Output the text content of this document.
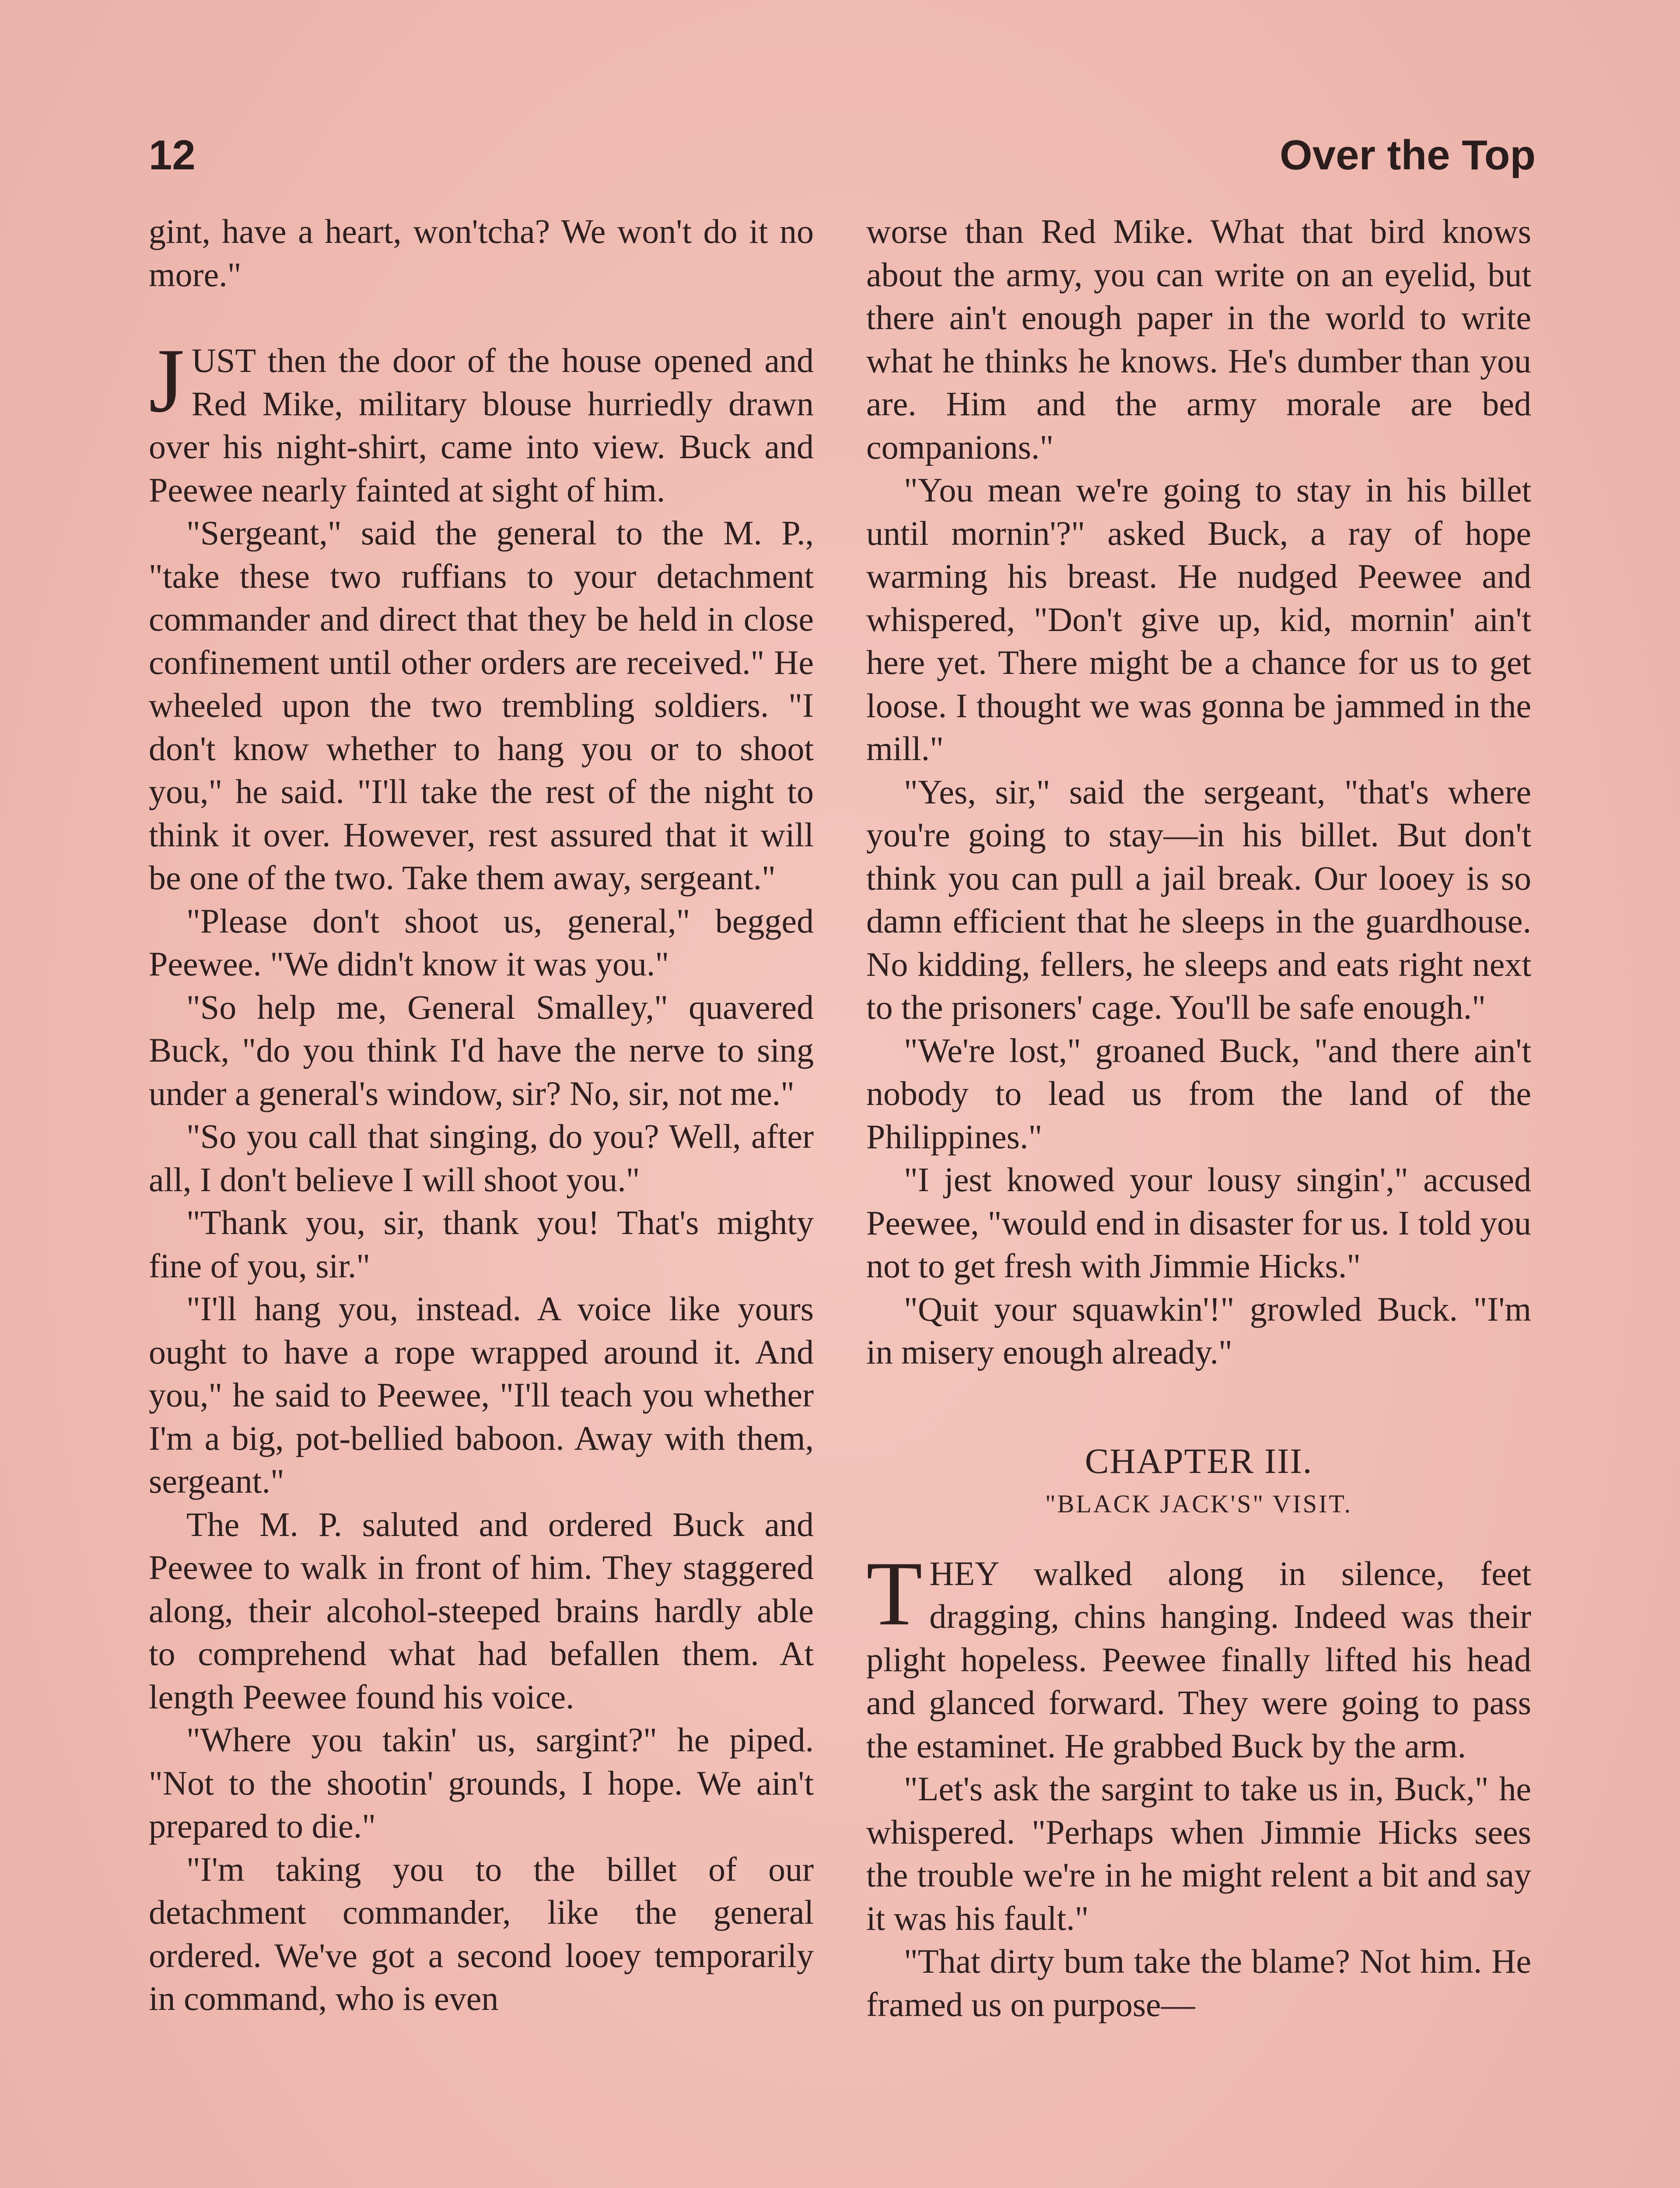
12	Over the Top

gint, have a heart, won'tcha? We won't do it no more."

JUST then the door of the house opened and Red Mike, military blouse hurriedly drawn over his night-shirt, came into view. Buck and Peewee nearly fainted at sight of him.

"Sergeant," said the general to the M. P., "take these two ruffians to your detachment commander and direct that they be held in close confinement until other orders are received." He wheeled upon the two trembling soldiers. "I don't know whether to hang you or to shoot you," he said. "I'll take the rest of the night to think it over. However, rest assured that it will be one of the two. Take them away, sergeant."

"Please don't shoot us, general," begged Peewee. "We didn't know it was you."

"So help me, General Smalley," quavered Buck, "do you think I'd have the nerve to sing under a general's window, sir? No, sir, not me."

"So you call that singing, do you? Well, after all, I don't believe I will shoot you."

"Thank you, sir, thank you! That's mighty fine of you, sir."

"I'll hang you, instead. A voice like yours ought to have a rope wrapped around it. And you," he said to Peewee, "I'll teach you whether I'm a big, pot-bellied baboon. Away with them, sergeant."

The M. P. saluted and ordered Buck and Peewee to walk in front of him. They staggered along, their alcohol-steeped brains hardly able to comprehend what had befallen them. At length Peewee found his voice.

"Where you takin' us, sargint?" he piped. "Not to the shootin' grounds, I hope. We ain't prepared to die."

"I'm taking you to the billet of our detachment commander, like the general ordered. We've got a second looey temporarily in command, who is even

worse than Red Mike. What that bird knows about the army, you can write on an eyelid, but there ain't enough paper in the world to write what he thinks he knows. He's dumber than you are. Him and the army morale are bed companions."

"You mean we're going to stay in his billet until mornin'?" asked Buck, a ray of hope warming his breast. He nudged Peewee and whispered, "Don't give up, kid, mornin' ain't here yet. There might be a chance for us to get loose. I thought we was gonna be jammed in the mill."

"Yes, sir," said the sergeant, "that's where you're going to stay—in his billet. But don't think you can pull a jail break. Our looey is so damn efficient that he sleeps in the guardhouse. No kidding, fellers, he sleeps and eats right next to the prisoners' cage. You'll be safe enough."

"We're lost," groaned Buck, "and there ain't nobody to lead us from the land of the Philippines."

"I jest knowed your lousy singin'," accused Peewee, "would end in disaster for us. I told you not to get fresh with Jimmie Hicks."

"Quit your squawkin'!" growled Buck. "I'm in misery enough already."

CHAPTER III.

"BLACK JACK'S" VISIT.

THEY walked along in silence, feet dragging, chins hanging. Indeed was their plight hopeless. Peewee finally lifted his head and glanced forward. They were going to pass the estaminet. He grabbed Buck by the arm.

"Let's ask the sargint to take us in, Buck," he whispered. "Perhaps when Jimmie Hicks sees the trouble we're in he might relent a bit and say it was his fault."

"That dirty bum take the blame? Not him. He framed us on purpose—
